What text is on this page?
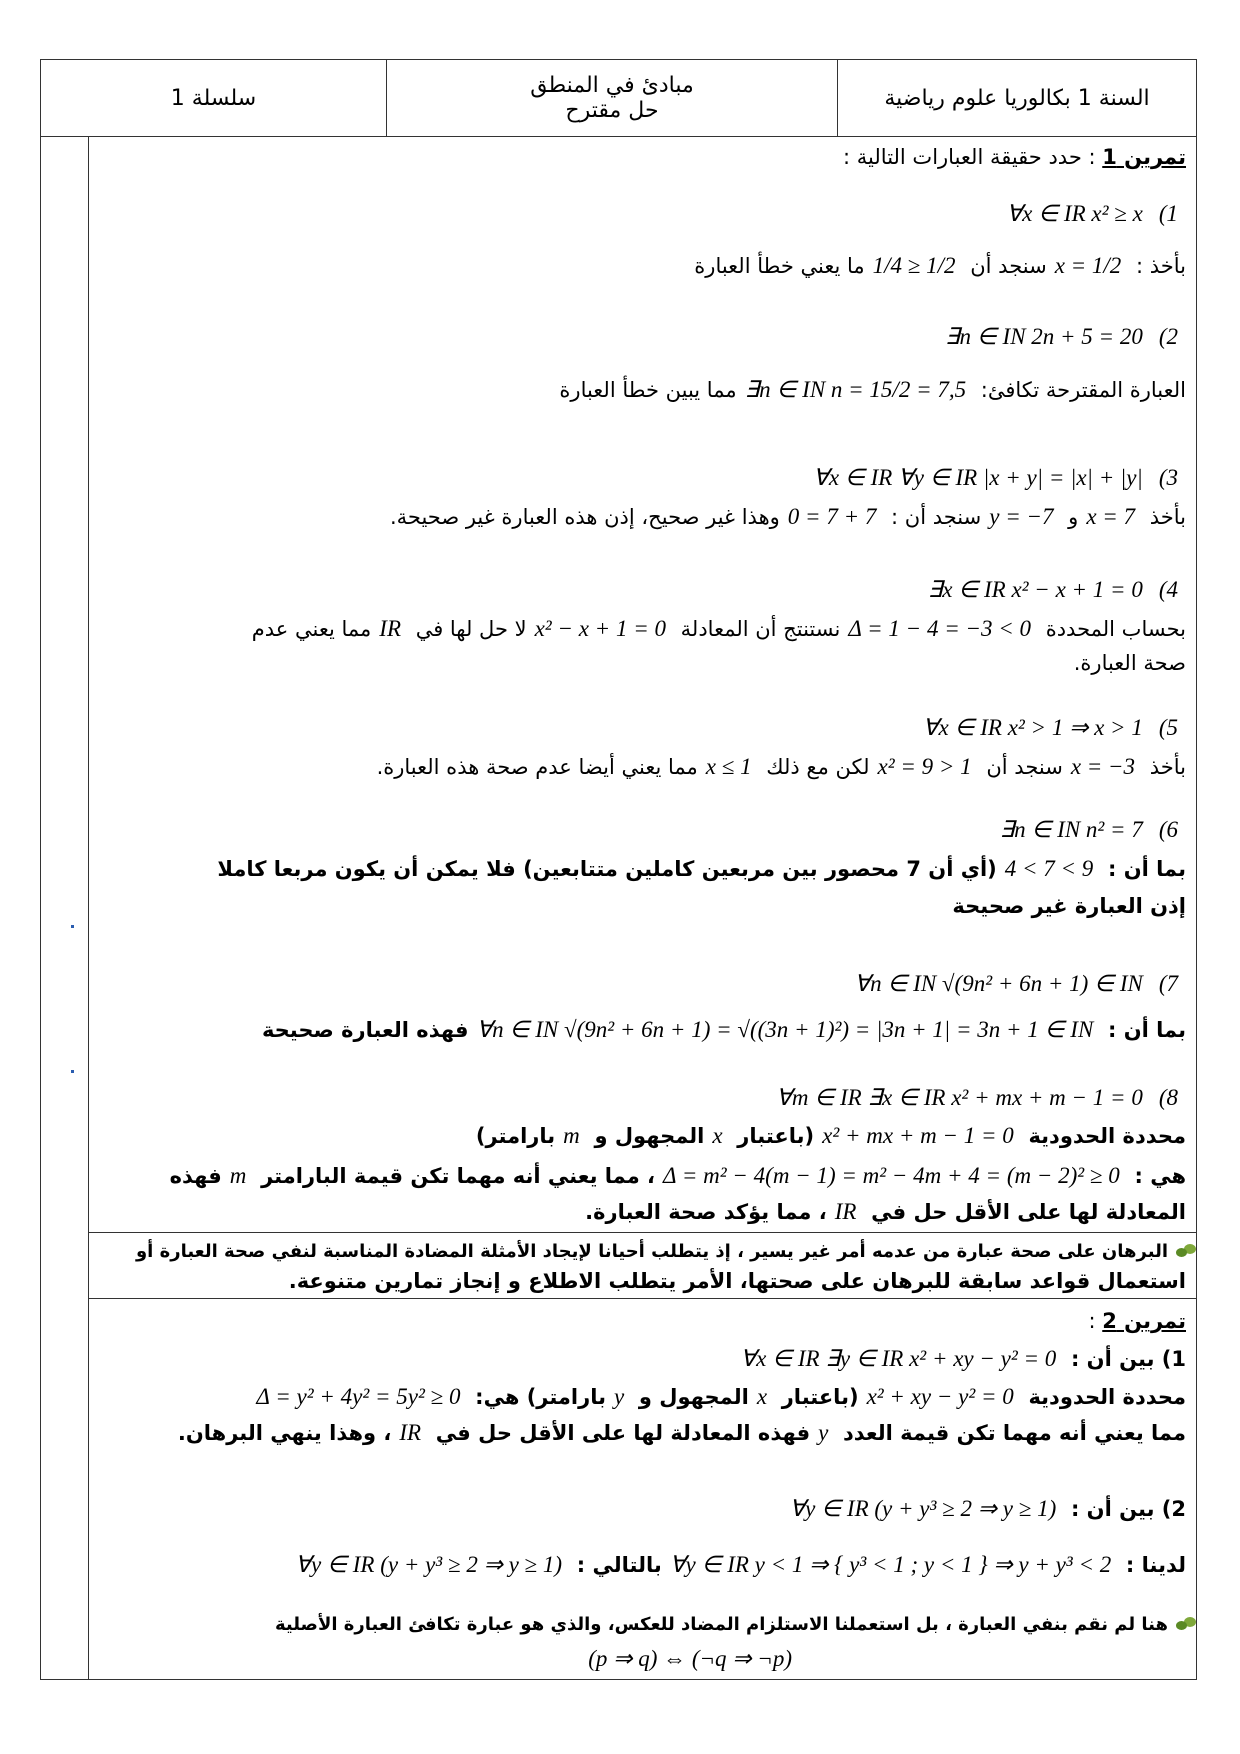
سلسلة 1	مبادئ في المنطق
حل مقترح	السنة 1 بكالوريا علوم رياضية
تمرين 1 : حدد حقيقة العبارات التالية :
(1∀x ∈ IR x² ≥ x
بأخذ : x = 1/2سنجد أن 1/4 ≥ 1/2ما يعني خطأ العبارة
(2∃n ∈ IN 2n + 5 = 20
العبارة المقترحة تكافئ: ∃n ∈ IN n = 15/2 = 7,5مما يبين خطأ العبارة
(3∀x ∈ IR ∀y ∈ IR |x + y| = |x| + |y|
بأخذ x = 7و y = −7سنجد أن : 0 = 7 + 7وهذا غير صحيح، إذن هذه العبارة غير صحيحة.
(4∃x ∈ IR x² − x + 1 = 0
بحساب المحددة Δ = 1 − 4 = −3 < 0نستنتج أن المعادلة x² − x + 1 = 0لا حل لها في IRمما يعني عدم
صحة العبارة.
(5∀x ∈ IR x² > 1 ⇒ x > 1
بأخذ x = −3سنجد أن x² = 9 > 1لكن مع ذلك x ≤ 1مما يعني أيضا عدم صحة هذه العبارة.
(6∃n ∈ IN n² = 7
بما أن : 4 < 7 < 9(أي أن 7 محصور بين مربعين كاملين متتابعين) فلا يمكن أن يكون مربعا كاملا
إذن العبارة غير صحيحة
(7∀n ∈ IN √(9n² + 6n + 1) ∈ IN
بما أن : ∀n ∈ IN √(9n² + 6n + 1) = √((3n + 1)²) = |3n + 1| = 3n + 1 ∈ INفهذه العبارة صحيحة
(8∀m ∈ IR ∃x ∈ IR x² + mx + m − 1 = 0
محددة الحدودية x² + mx + m − 1 = 0(باعتبار xالمجهول و mبارامتر)
هي : Δ = m² − 4(m − 1) = m² − 4m + 4 = (m − 2)² ≥ 0، مما يعني أنه مهما تكن قيمة البارامتر mفهذه
المعادلة لها على الأقل حل في IR، مما يؤكد صحة العبارة.
البرهان على صحة عبارة من عدمه أمر غير يسير ، إذ يتطلب أحيانا لإيجاد الأمثلة المضادة المناسبة لنفي صحة العبارة أو
استعمال قواعد سابقة للبرهان على صحتها، الأمر يتطلب الاطلاع و إنجاز تمارين متنوعة.
تمرين 2 :
1) بين أن : ∀x ∈ IR ∃y ∈ IR x² + xy − y² = 0
محددة الحدودية x² + xy − y² = 0(باعتبار xالمجهول و yبارامتر) هي: Δ = y² + 4y² = 5y² ≥ 0
مما يعني أنه مهما تكن قيمة العدد yفهذه المعادلة لها على الأقل حل في IR، وهذا ينهي البرهان.
2) بين أن : ∀y ∈ IR (y + y³ ≥ 2 ⇒ y ≥ 1)
لدينا : ∀y ∈ IR y < 1 ⇒ { y³ < 1 ; y < 1 } ⇒ y + y³ < 2بالتالي : ∀y ∈ IR (y + y³ ≥ 2 ⇒ y ≥ 1)
هنا لم نقم بنفي العبارة ، بل استعملنا الاستلزام المضاد للعكس، والذي هو عبارة تكافئ العبارة الأصلية
(p ⇒ q) ⇔ (¬q ⇒ ¬p)
